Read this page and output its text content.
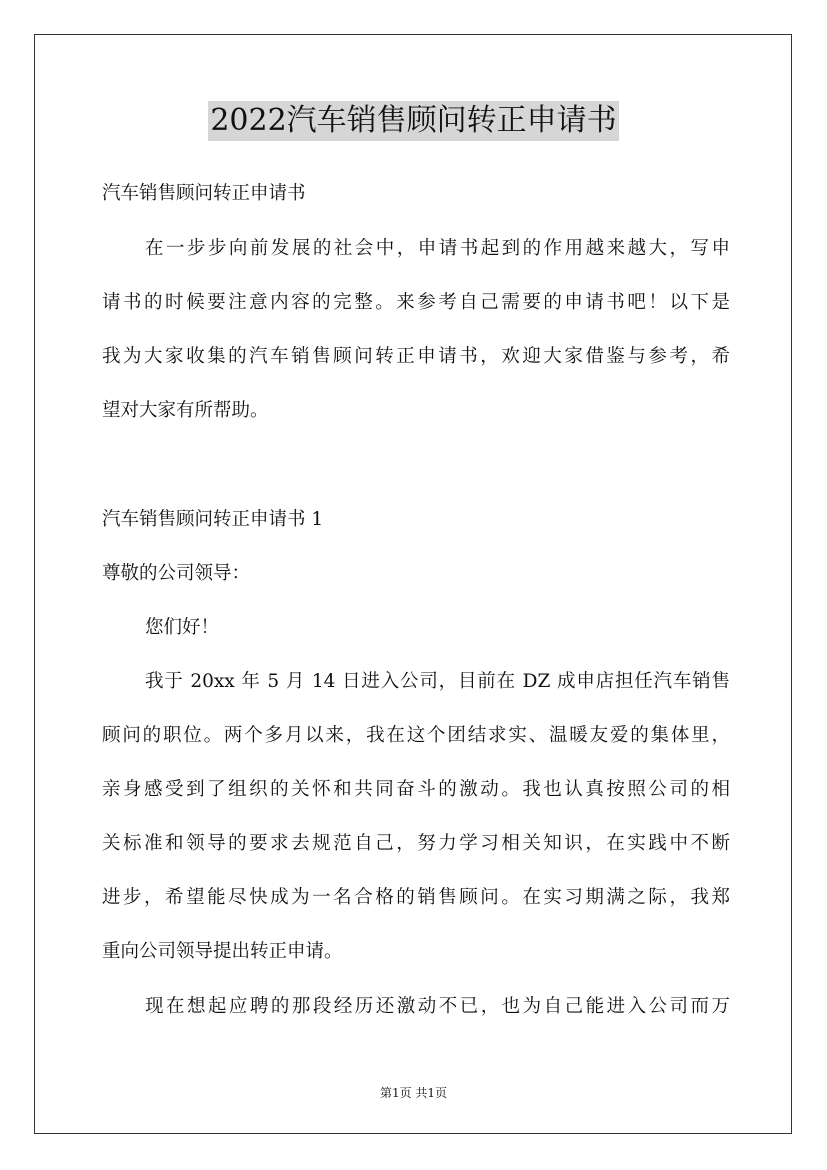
2022汽车销售顾问转正申请书
汽车销售顾问转正申请书
在一步步向前发展的社会中，申请书起到的作用越来越大，写申
请书的时候要注意内容的完整。来参考自己需要的申请书吧！以下是
我为大家收集的汽车销售顾问转正申请书，欢迎大家借鉴与参考，希
望对大家有所帮助。
汽车销售顾问转正申请书 1
尊敬的公司领导：
您们好！
我于 20xx 年 5 月 14 日进入公司，目前在 DZ 成申店担任汽车销售
顾问的职位。两个多月以来，我在这个团结求实、温暖友爱的集体里，
亲身感受到了组织的关怀和共同奋斗的激动。我也认真按照公司的相
关标准和领导的要求去规范自己，努力学习相关知识，在实践中不断
进步，希望能尽快成为一名合格的销售顾问。在实习期满之际，我郑
重向公司领导提出转正申请。
现在想起应聘的那段经历还激动不已，也为自己能进入公司而万
第1页 共1页
